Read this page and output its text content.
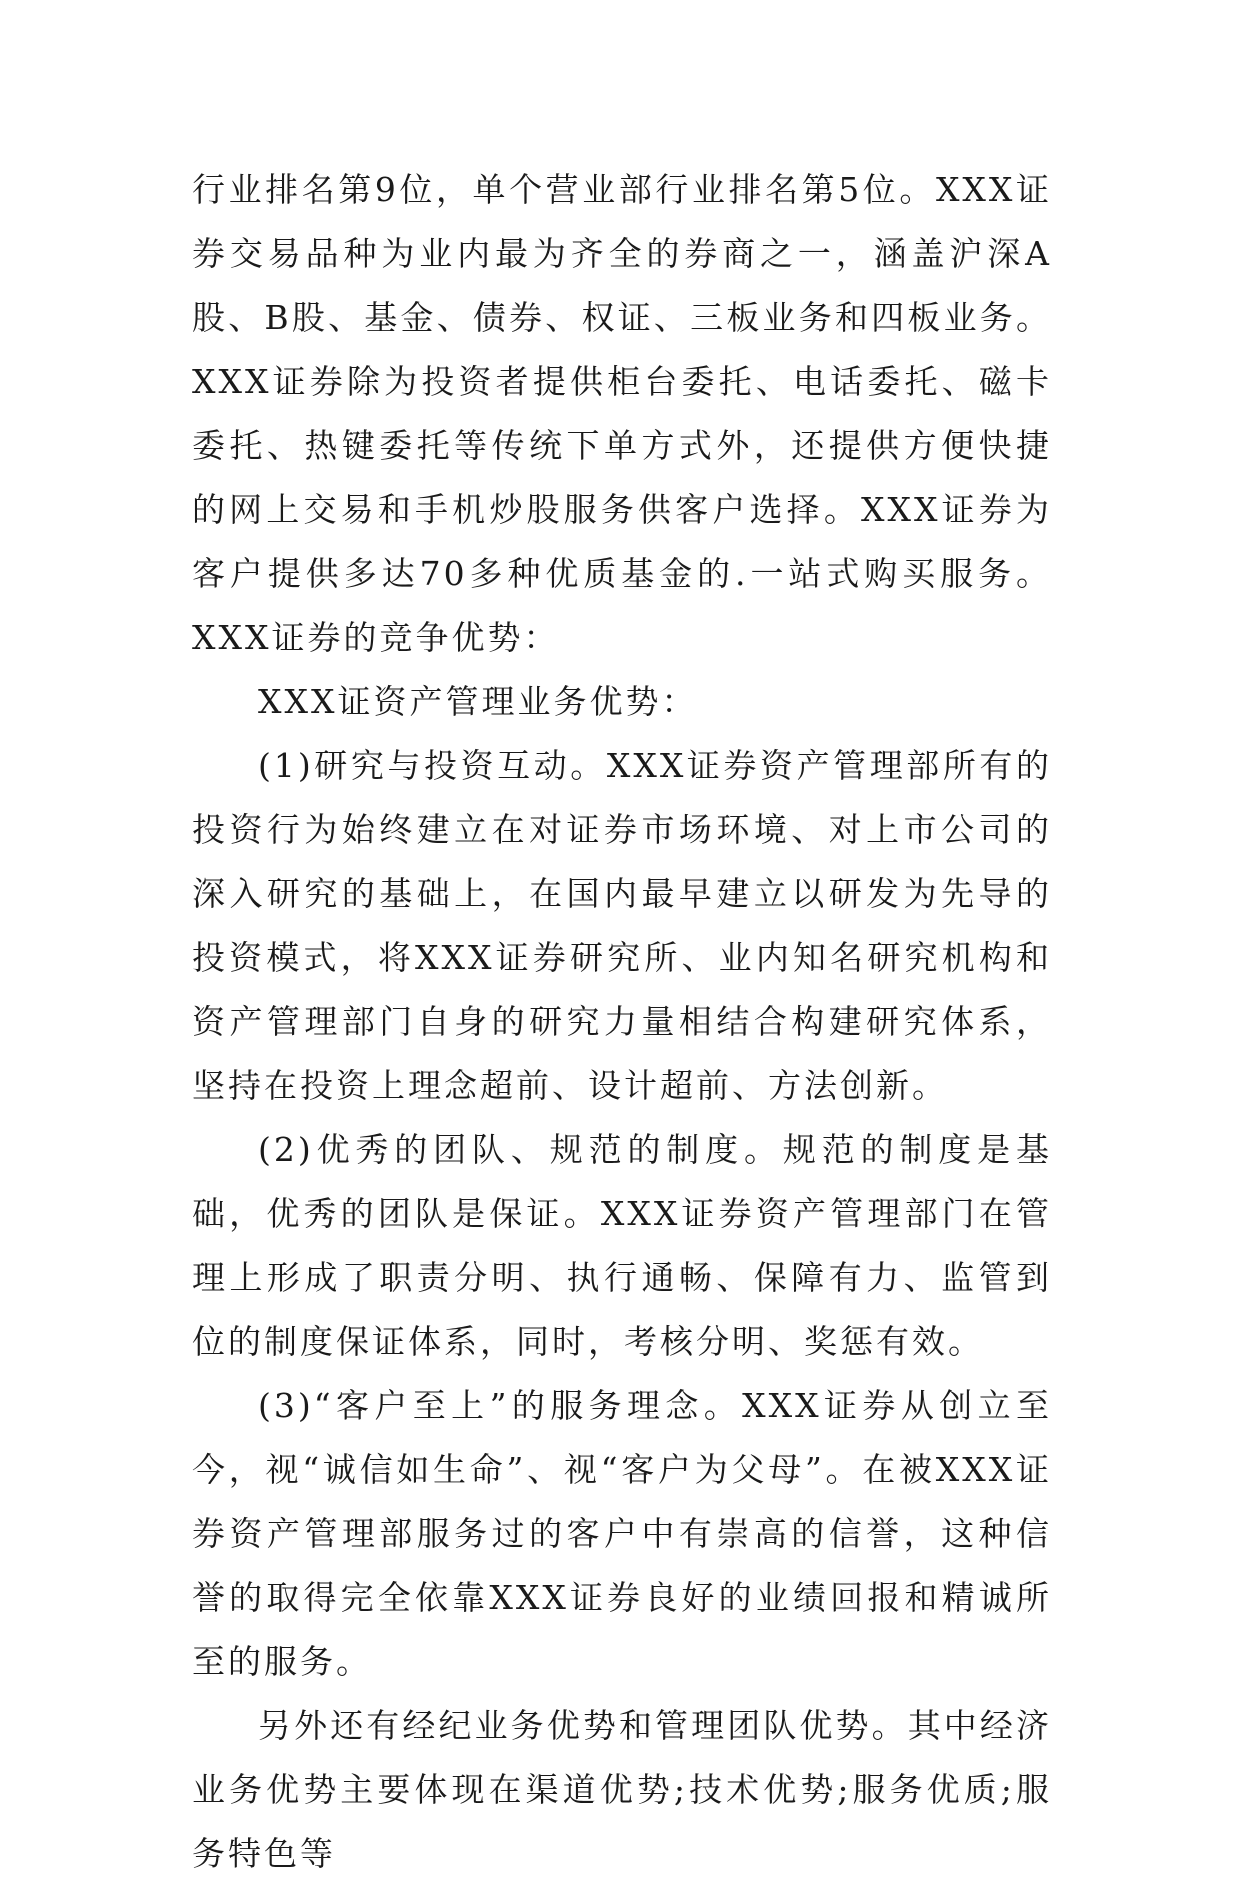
行业排名第9位，单个营业部行业排名第5位。XXX证券交易品种为业内最为齐全的券商之一，涵盖沪深A股、B股、基金、债券、权证、三板业务和四板业务。XXX证券除为投资者提供柜台委托、电话委托、磁卡委托、热键委托等传统下单方式外，还提供方便快捷的网上交易和手机炒股服务供客户选择。XXX证券为客户提供多达70多种优质基金的.一站式购买服务。 XXX证券的竞争优势：

XXX证资产管理业务优势：

(1)研究与投资互动。XXX证券资产管理部所有的投资行为始终建立在对证券市场环境、对上市公司的深入研究的基础上，在国内最早建立以研发为先导的投资模式，将XXX证券研究所、业内知名研究机构和资产管理部门自身的研究力量相结合构建研究体系，坚持在投资上理念超前、设计超前、方法创新。

(2)优秀的团队、规范的制度。规范的制度是基础，优秀的团队是保证。XXX证券资产管理部门在管理上形成了职责分明、执行通畅、保障有力、监管到位的制度保证体系，同时，考核分明、奖惩有效。

(3)“客户至上”的服务理念。XXX证券从创立至今，视“诚信如生命”、视“客户为父母”。在被XXX证券资产管理部服务过的客户中有崇高的信誉，这种信誉的取得完全依靠XXX证券良好的业绩回报和精诚所至的服务。

另外还有经纪业务优势和管理团队优势。其中经济业务优势主要体现在渠道优势;技术优势;服务优质;服务特色等
